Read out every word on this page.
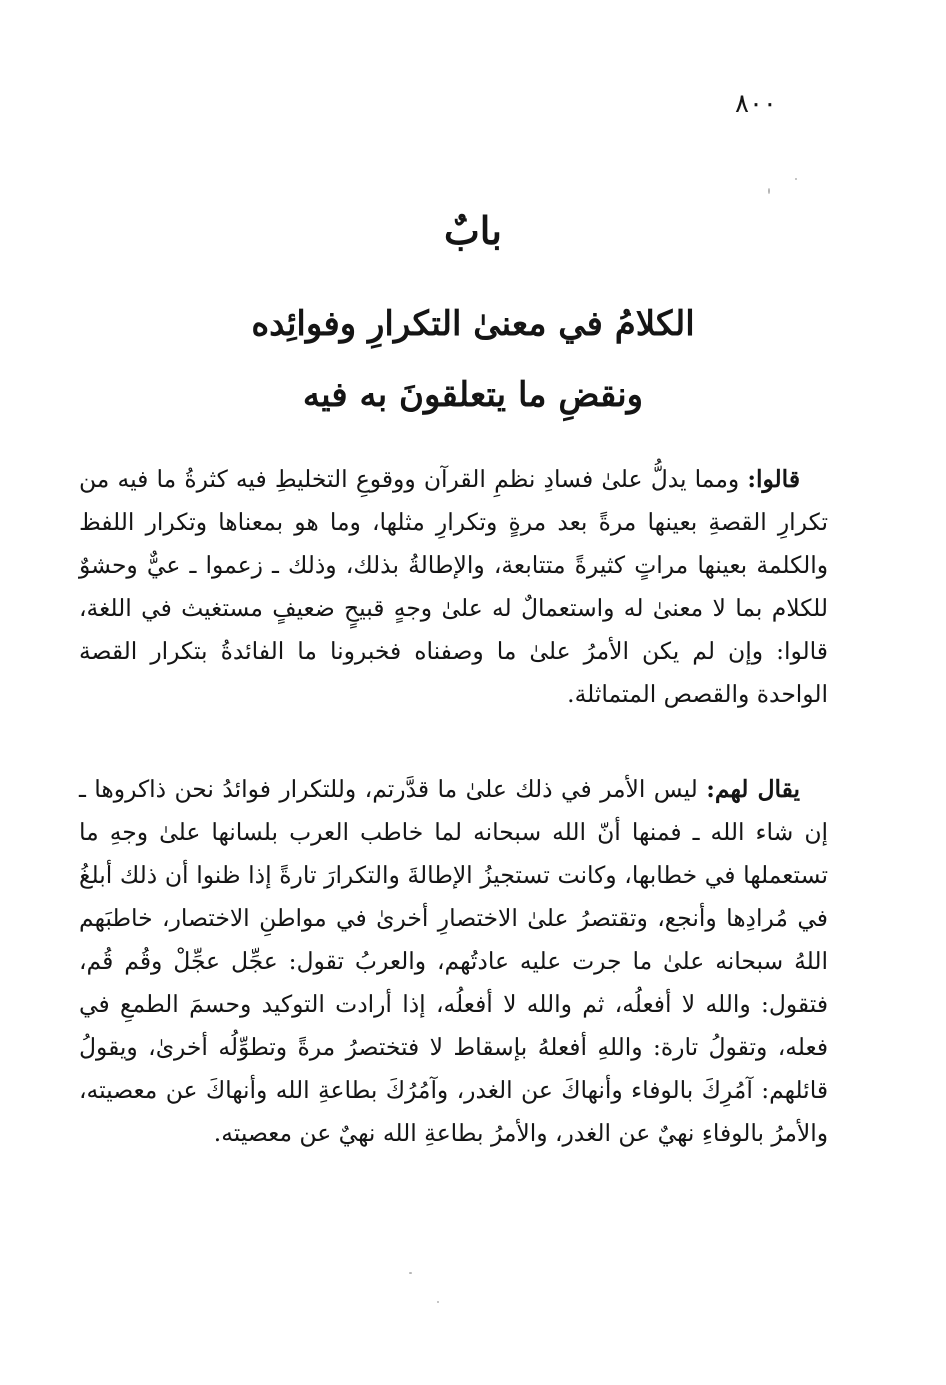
٨٠٠
بابٌ
الكلامُ في معنىٰ التكرارِ وفوائِده
ونقضِ ما يتعلقونَ به فيه

قالوا: ومما يدلُّ علىٰ فسادِ نظمِ القرآن ووقوعِ التخليطِ فيه كثرةُ ما فيه من تكرارِ القصةِ بعينها مرةً بعد مرةٍ وتكرارِ مثلها، وما هو بمعناها وتكرار اللفظ والكلمة بعينها مراتٍ كثيرةً متتابعة، والإطالةُ بذلك، وذلك ـ زعموا ـ عيٌّ وحشوٌ للكلام بما لا معنىٰ له واستعمالٌ له علىٰ وجهٍ قبيحٍ ضعيفٍ مستغيث في اللغة، قالوا: وإن لم يكن الأمرُ علىٰ ما وصفناه فخبرونا ما الفائدةُ بتكرار القصة الواحدة والقصص المتماثلة.

يقال لهم: ليس الأمر في ذلك علىٰ ما قدَّرتم، وللتكرار فوائدُ نحن ذاكروها ـ إن شاء الله ـ فمنها أنّ الله سبحانه لما خاطب العرب بلسانها علىٰ وجهِ ما تستعملها في خطابها، وكانت تستجيزُ الإطالةَ والتكرارَ تارةً إذا ظنوا أن ذلك أبلغُ في مُرادِها وأنجع، وتقتصرُ علىٰ الاختصارِ أخرىٰ في مواطنِ الاختصار، خاطبَهم اللهُ سبحانه علىٰ ما جرت عليه عادتُهم، والعربُ تقول: عجِّل عجِّلْ وقُم قُم، فتقول: والله لا أفعلُه، ثم والله لا أفعلُه، إذا أرادت التوكيد وحسمَ الطمعِ في فعله، وتقولُ تارة: واللهِ أفعلهُ بإسقاط لا فتختصرُ مرةً وتطوِّلُه أخرىٰ، ويقولُ قائلهم: آمُرِكَ بالوفاء وأنهاكَ عن الغدر، وآمُرُكَ بطاعةِ الله وأنهاكَ عن معصيته، والأمرُ بالوفاءِ نهيٌ عن الغدر، والأمرُ بطاعةِ الله نهيٌ عن معصيته.
